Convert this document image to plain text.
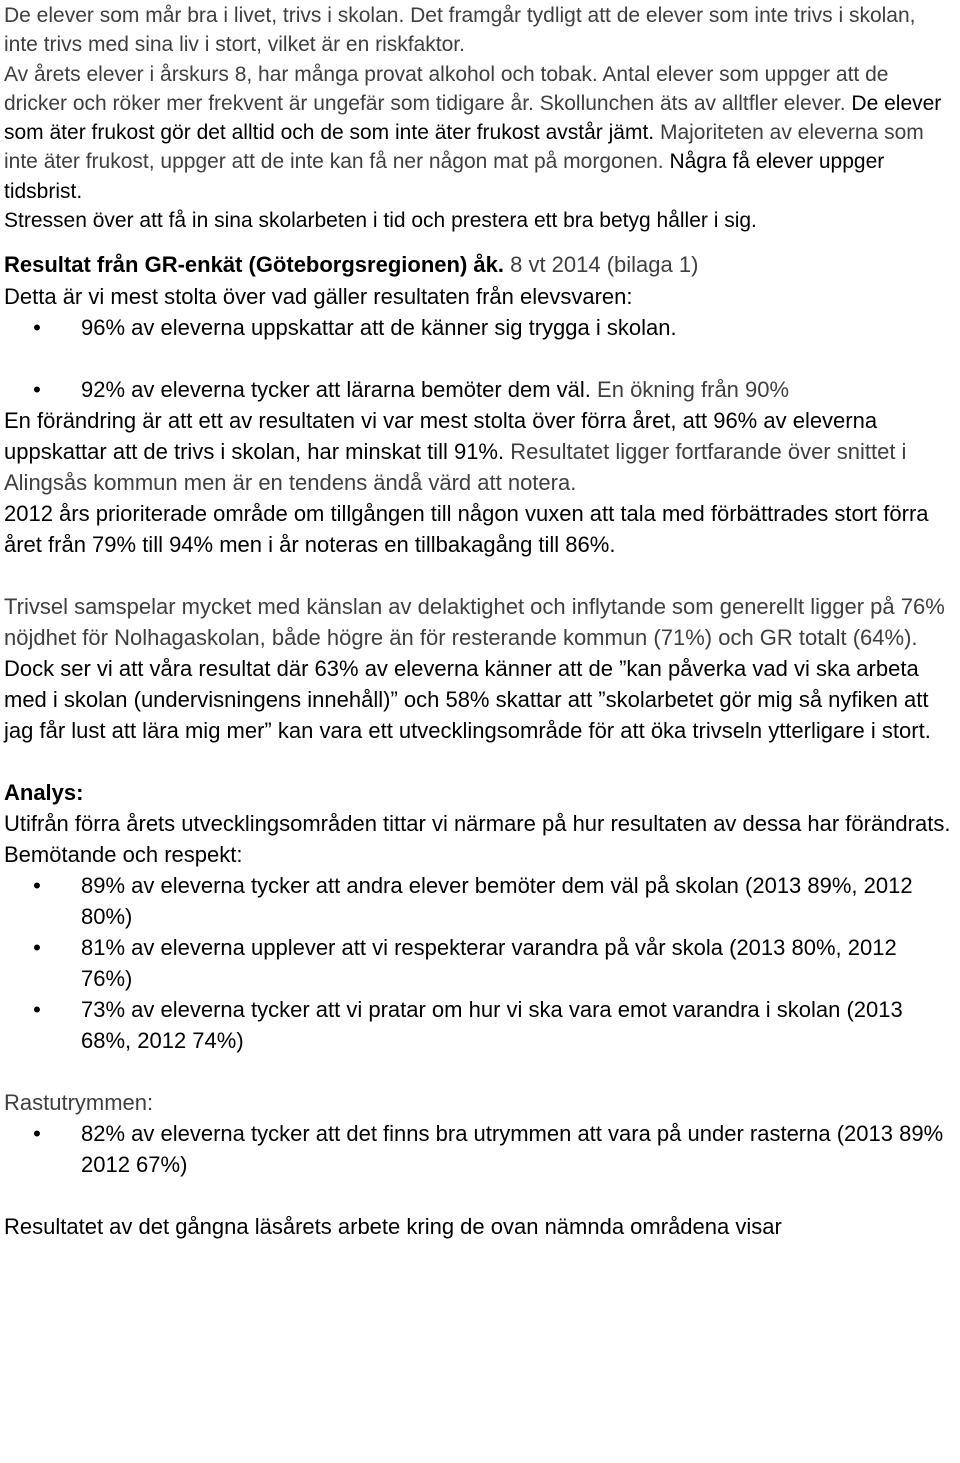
De elever som mår bra i livet, trivs i skolan. Det framgår tydligt att de elever som inte trivs i skolan, inte trivs med sina liv i stort, vilket är en riskfaktor.
Av årets elever i årskurs 8, har många provat alkohol och tobak. Antal elever som uppger att de dricker och röker mer frekvent är ungefär som tidigare år. Skollunchen äts av alltfler elever. De elever som äter frukost gör det alltid och de som inte äter frukost avstår jämt. Majoriteten av eleverna som inte äter frukost, uppger att de inte kan få ner någon mat på morgonen. Några få elever uppger tidsbrist.
Stressen över att få in sina skolarbeten i tid och prestera ett bra betyg håller i sig.

Resultat från GR-enkät (Göteborgsregionen) åk. 8 vt 2014 (bilaga 1)

Detta är vi mest stolta över vad gäller resultaten från elevsvaren:

• 96% av eleverna uppskattar att de känner sig trygga i skolan.
• 92% av eleverna tycker att lärarna bemöter dem väl. En ökning från 90%

En förändring är att ett av resultaten vi var mest stolta över förra året, att 96% av eleverna uppskattar att de trivs i skolan, har minskat till 91%. Resultatet ligger fortfarande över snittet i Alingsås kommun men är en tendens ändå värd att notera.

2012 års prioriterade område om tillgången till någon vuxen att tala med förbättrades stort förra året från 79% till 94% men i år noteras en tillbakagång till 86%.

Trivsel samspelar mycket med känslan av delaktighet och inflytande som generellt ligger på 76% nöjdhet för Nolhagaskolan, både högre än för resterande kommun (71%) och GR totalt (64%). Dock ser vi att våra resultat där 63% av eleverna känner att de ”kan påverka vad vi ska arbeta med i skolan (undervisningens innehåll)” och 58% skattar att ”skolarbetet gör mig så nyfiken att jag får lust att lära mig mer” kan vara ett utvecklingsområde för att öka trivseln ytterligare i stort.

Analys:

Utifrån förra årets utvecklingsområden tittar vi närmare på hur resultaten av dessa har förändrats.

Bemötande och respekt:

• 89% av eleverna tycker att andra elever bemöter dem väl på skolan (2013 89%, 2012 80%)
• 81% av eleverna upplever att vi respekterar varandra på vår skola (2013 80%, 2012 76%)
• 73% av eleverna tycker att vi pratar om hur vi ska vara emot varandra i skolan (2013 68%, 2012 74%)

Rastutrymmen:

• 82% av eleverna tycker att det finns bra utrymmen att vara på under rasterna (2013 89% 2012 67%)

Resultatet av det gångna läsårets arbete kring de ovan nämnda områdena visar
